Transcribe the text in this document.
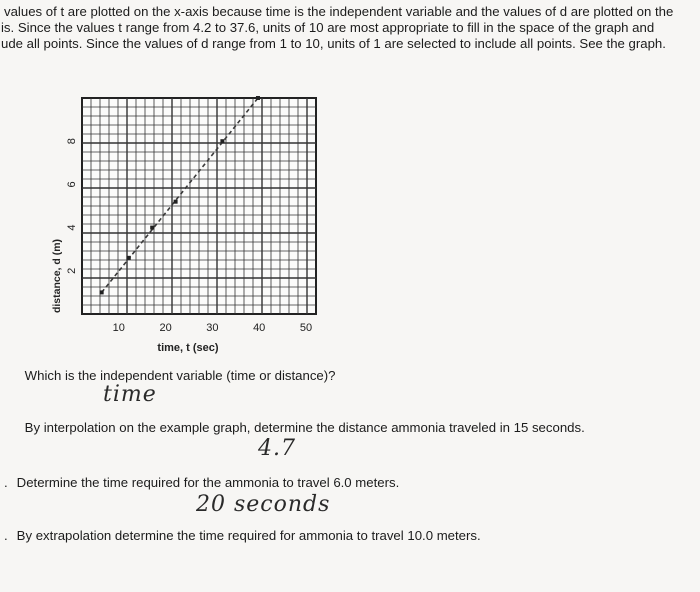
values of t are plotted on the x-axis because time is the independent variable and the values of d are plotted on the

is. Since the values t range from 4.2 to 37.6, units of 10 are most appropriate to fill in the space of the graph and

ude all points. Since the values of d range from 1 to 10, units of 1 are selected to include all points. See the graph.

10	20	30	40	50
2
4
6
8
time, t (sec)
distance, d (m)
Which is the independent variable (time or distance)?
time
By interpolation on the example graph, determine the distance ammonia traveled in 15 seconds.
4.7
. Determine the time required for the ammonia to travel 6.0 meters.
20 seconds
. By extrapolation determine the time required for ammonia to travel 10.0 meters.
